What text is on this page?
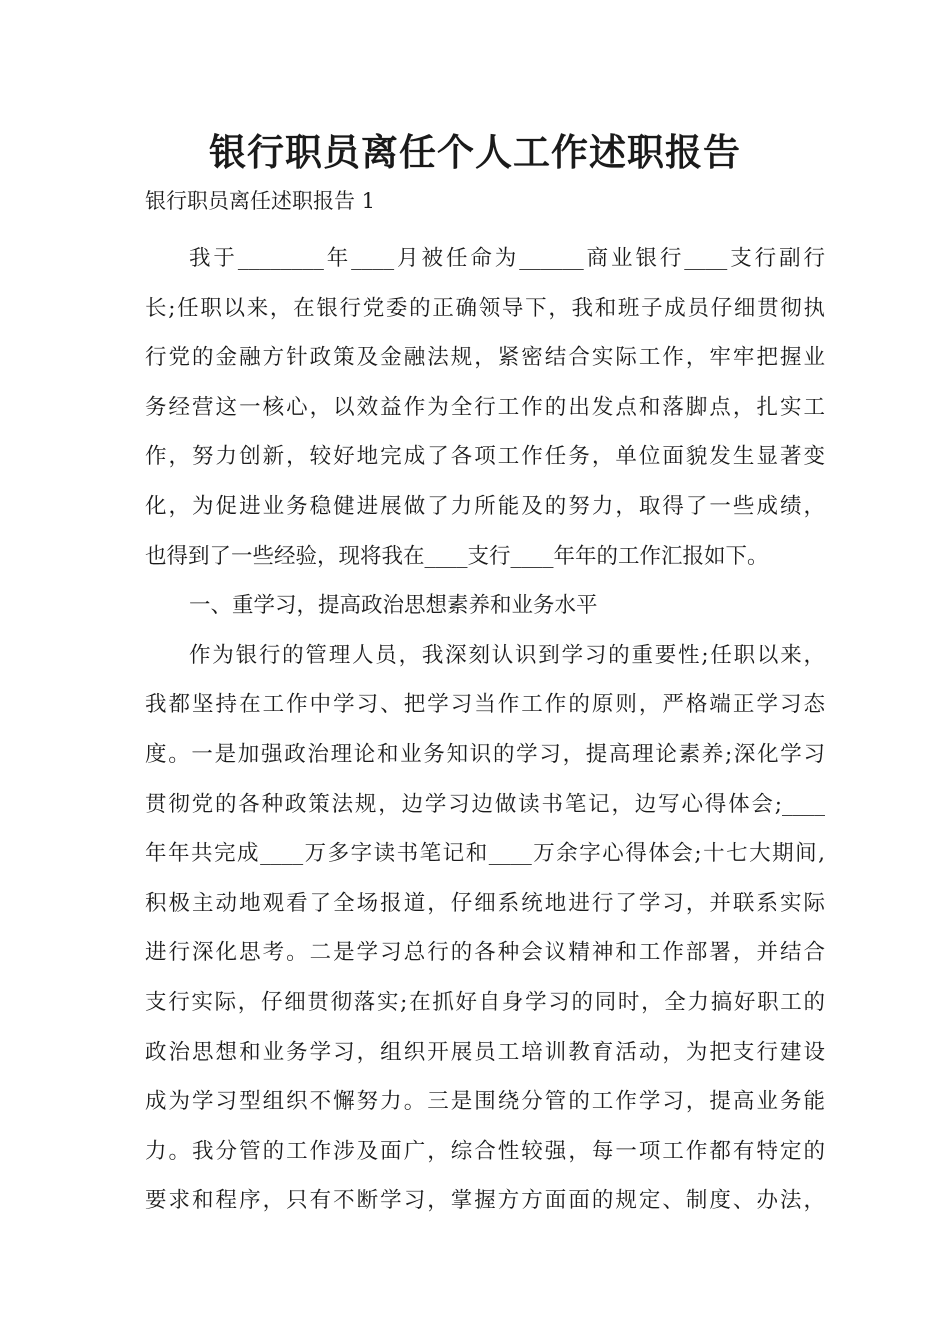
银行职员离任个人工作述职报告
银行职员离任述职报告 1
我于________年____月被任命为______商业银行____支行副行
长;任职以来，在银行党委的正确领导下，我和班子成员仔细贯彻执
行党的金融方针政策及金融法规，紧密结合实际工作，牢牢把握业
务经营这一核心，以效益作为全行工作的出发点和落脚点，扎实工
作，努力创新，较好地完成了各项工作任务，单位面貌发生显著变
化，为促进业务稳健进展做了力所能及的努力，取得了一些成绩，
也得到了一些经验，现将我在____支行____年年的工作汇报如下。
一、重学习，提高政治思想素养和业务水平
作为银行的管理人员，我深刻认识到学习的重要性;任职以来，
我都坚持在工作中学习、把学习当作工作的原则，严格端正学习态
度。一是加强政治理论和业务知识的学习，提高理论素养;深化学习
贯彻党的各种政策法规，边学习边做读书笔记，边写心得体会;____
年年共完成____万多字读书笔记和____万余字心得体会;十七大期间,
积极主动地观看了全场报道，仔细系统地进行了学习，并联系实际
进行深化思考。二是学习总行的各种会议精神和工作部署，并结合
支行实际，仔细贯彻落实;在抓好自身学习的同时，全力搞好职工的
政治思想和业务学习，组织开展员工培训教育活动，为把支行建设
成为学习型组织不懈努力。三是围绕分管的工作学习，提高业务能
力。我分管的工作涉及面广，综合性较强，每一项工作都有特定的
要求和程序，只有不断学习，掌握方方面面的规定、制度、办法，
